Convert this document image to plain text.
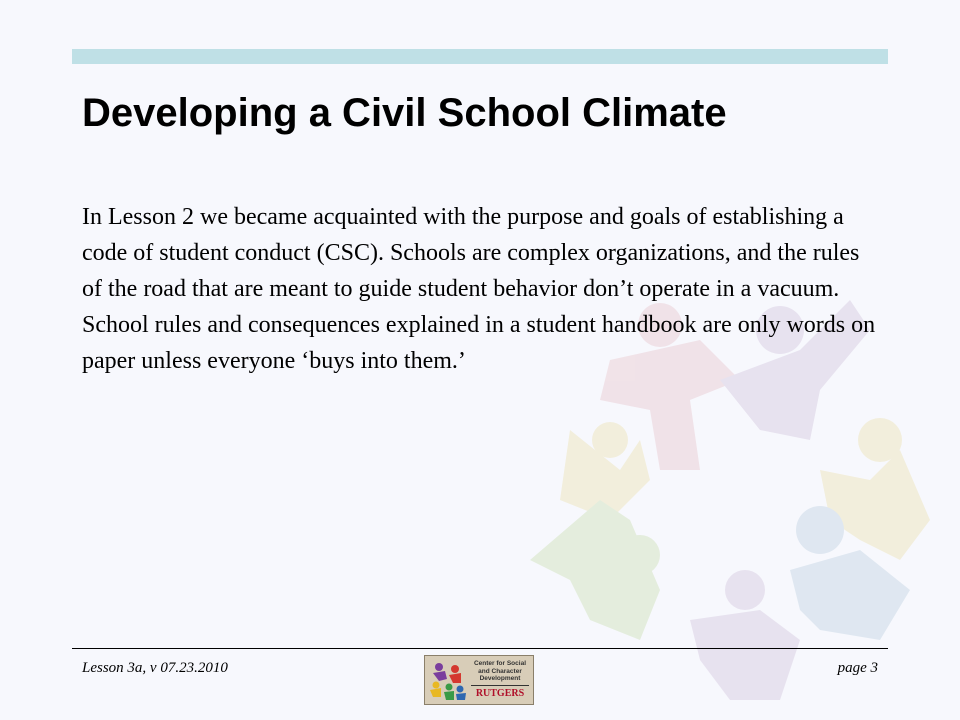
Developing a Civil School Climate

In Lesson 2 we became acquainted with the purpose and goals of establishing a code of student conduct (CSC). Schools are complex organizations, and the rules of the road that are meant to guide student behavior don’t operate in a vacuum. School rules and consequences explained in a student handbook are only words on paper unless everyone ‘buys into them.’

Lesson 3a, v 07.23.2010	page 3
Center for Social and Character Development
RUTGERS
